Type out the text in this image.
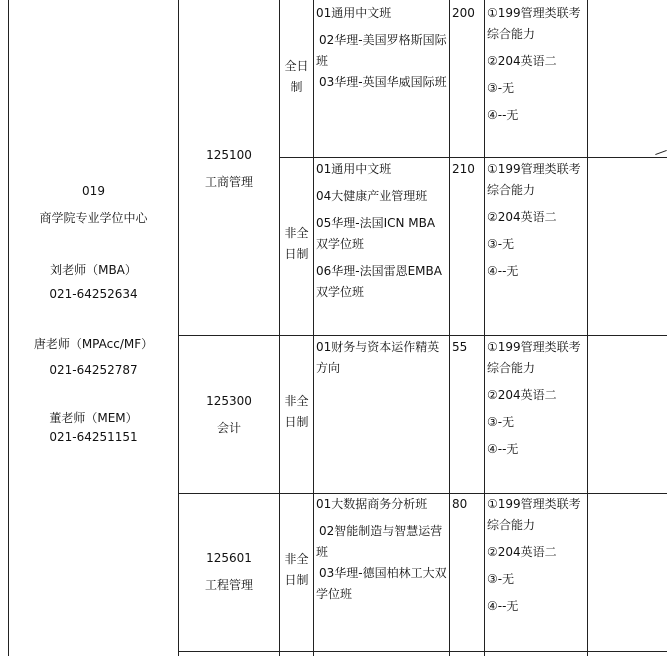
019
商学院专业学位中心
刘老师（MBA）
021-64252634
唐老师（MPAcc/MF）
021-64252787
董老师（MEM）
021-64251151
125100
工商管理
全日
制
01通用中文班
02华理-美国罗格斯国际
班
03华理-英国华威国际班
200 ①199管理类联考
综合能力
②204英语二
③-无
④--无
非全
日制
01通用中文班
04大健康产业管理班
05华理-法国ICN MBA
双学位班
06华理-法国雷恩EMBA
双学位班
210 ①199管理类联考
综合能力
②204英语二
③-无
④--无
125300
会计
非全
日制
01财务与资本运作精英
方向
55 ①199管理类联考
综合能力
②204英语二
③-无
④--无
125601
工程管理
非全
日制
01大数据商务分析班
02智能制造与智慧运营
班
03华理-德国柏林工大双
学位班
80 ①199管理类联考
综合能力
②204英语二
③-无
④--无
